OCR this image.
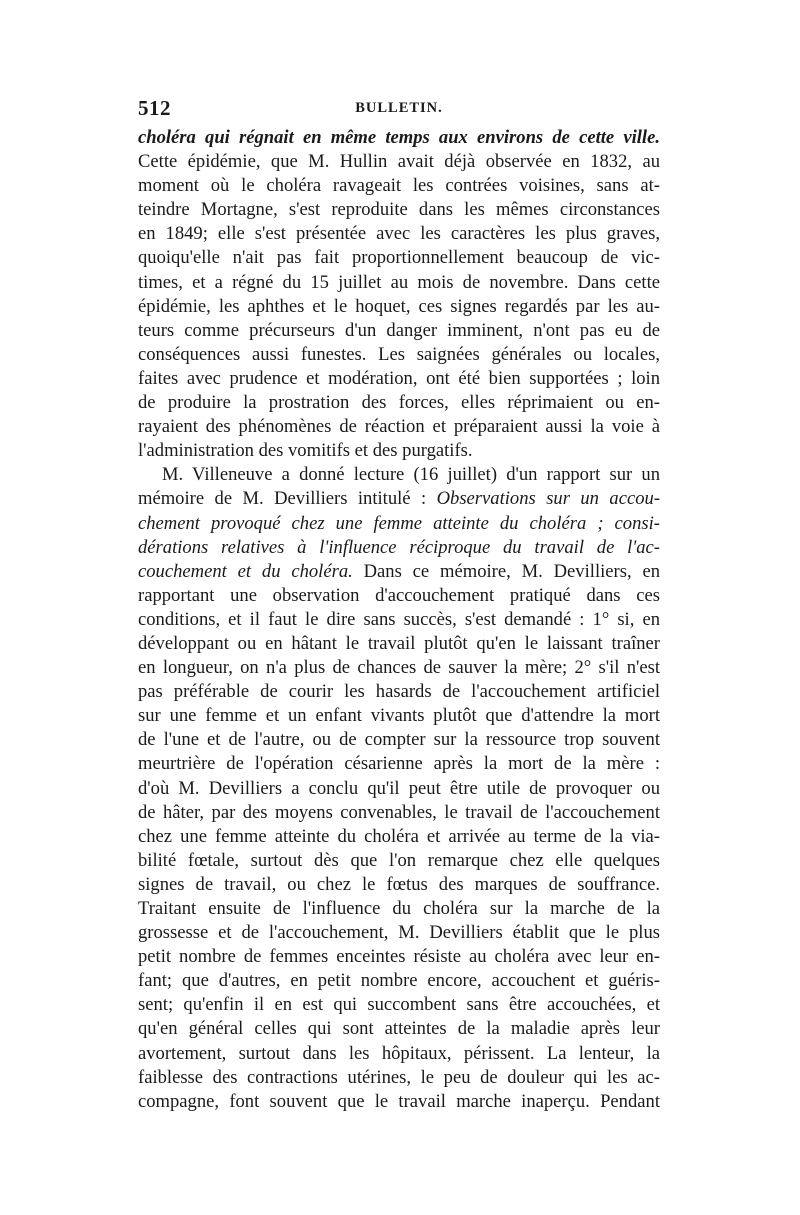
512	BULLETIN.
choléra qui régnait en même temps aux environs de cette ville.
Cette épidémie, que M. Hullin avait déjà observée en 1832, au
moment où le choléra ravageait les contrées voisines, sans at-
teindre Mortagne, s'est reproduite dans les mêmes circonstances
en 1849; elle s'est présentée avec les caractères les plus graves,
quoiqu'elle n'ait pas fait proportionnellement beaucoup de vic-
times, et a régné du 15 juillet au mois de novembre. Dans cette
épidémie, les aphthes et le hoquet, ces signes regardés par les au-
teurs comme précurseurs d'un danger imminent, n'ont pas eu de
conséquences aussi funestes. Les saignées générales ou locales,
faites avec prudence et modération, ont été bien supportées ; loin
de produire la prostration des forces, elles réprimaient ou en-
rayaient des phénomènes de réaction et préparaient aussi la voie à
l'administration des vomitifs et des purgatifs.
M. Villeneuve a donné lecture (16 juillet) d'un rapport sur un
mémoire de M. Devilliers intitulé : Observations sur un accou-
chement provoqué chez une femme atteinte du choléra ; consi-
dérations relatives à l'influence réciproque du travail de l'ac-
couchement et du choléra. Dans ce mémoire, M. Devilliers, en
rapportant une observation d'accouchement pratiqué dans ces
conditions, et il faut le dire sans succès, s'est demandé : 1° si, en
développant ou en hâtant le travail plutôt qu'en le laissant traîner
en longueur, on n'a plus de chances de sauver la mère; 2° s'il n'est
pas préférable de courir les hasards de l'accouchement artificiel
sur une femme et un enfant vivants plutôt que d'attendre la mort
de l'une et de l'autre, ou de compter sur la ressource trop souvent
meurtrière de l'opération césarienne après la mort de la mère :
d'où M. Devilliers a conclu qu'il peut être utile de provoquer ou
de hâter, par des moyens convenables, le travail de l'accouchement
chez une femme atteinte du choléra et arrivée au terme de la via-
bilité fœtale, surtout dès que l'on remarque chez elle quelques
signes de travail, ou chez le fœtus des marques de souffrance.
Traitant ensuite de l'influence du choléra sur la marche de la
grossesse et de l'accouchement, M. Devilliers établit que le plus
petit nombre de femmes enceintes résiste au choléra avec leur en-
fant; que d'autres, en petit nombre encore, accouchent et guéris-
sent; qu'enfin il en est qui succombent sans être accouchées, et
qu'en général celles qui sont atteintes de la maladie après leur
avortement, surtout dans les hôpitaux, périssent. La lenteur, la
faiblesse des contractions utérines, le peu de douleur qui les ac-
compagne, font souvent que le travail marche inaperçu. Pendant
